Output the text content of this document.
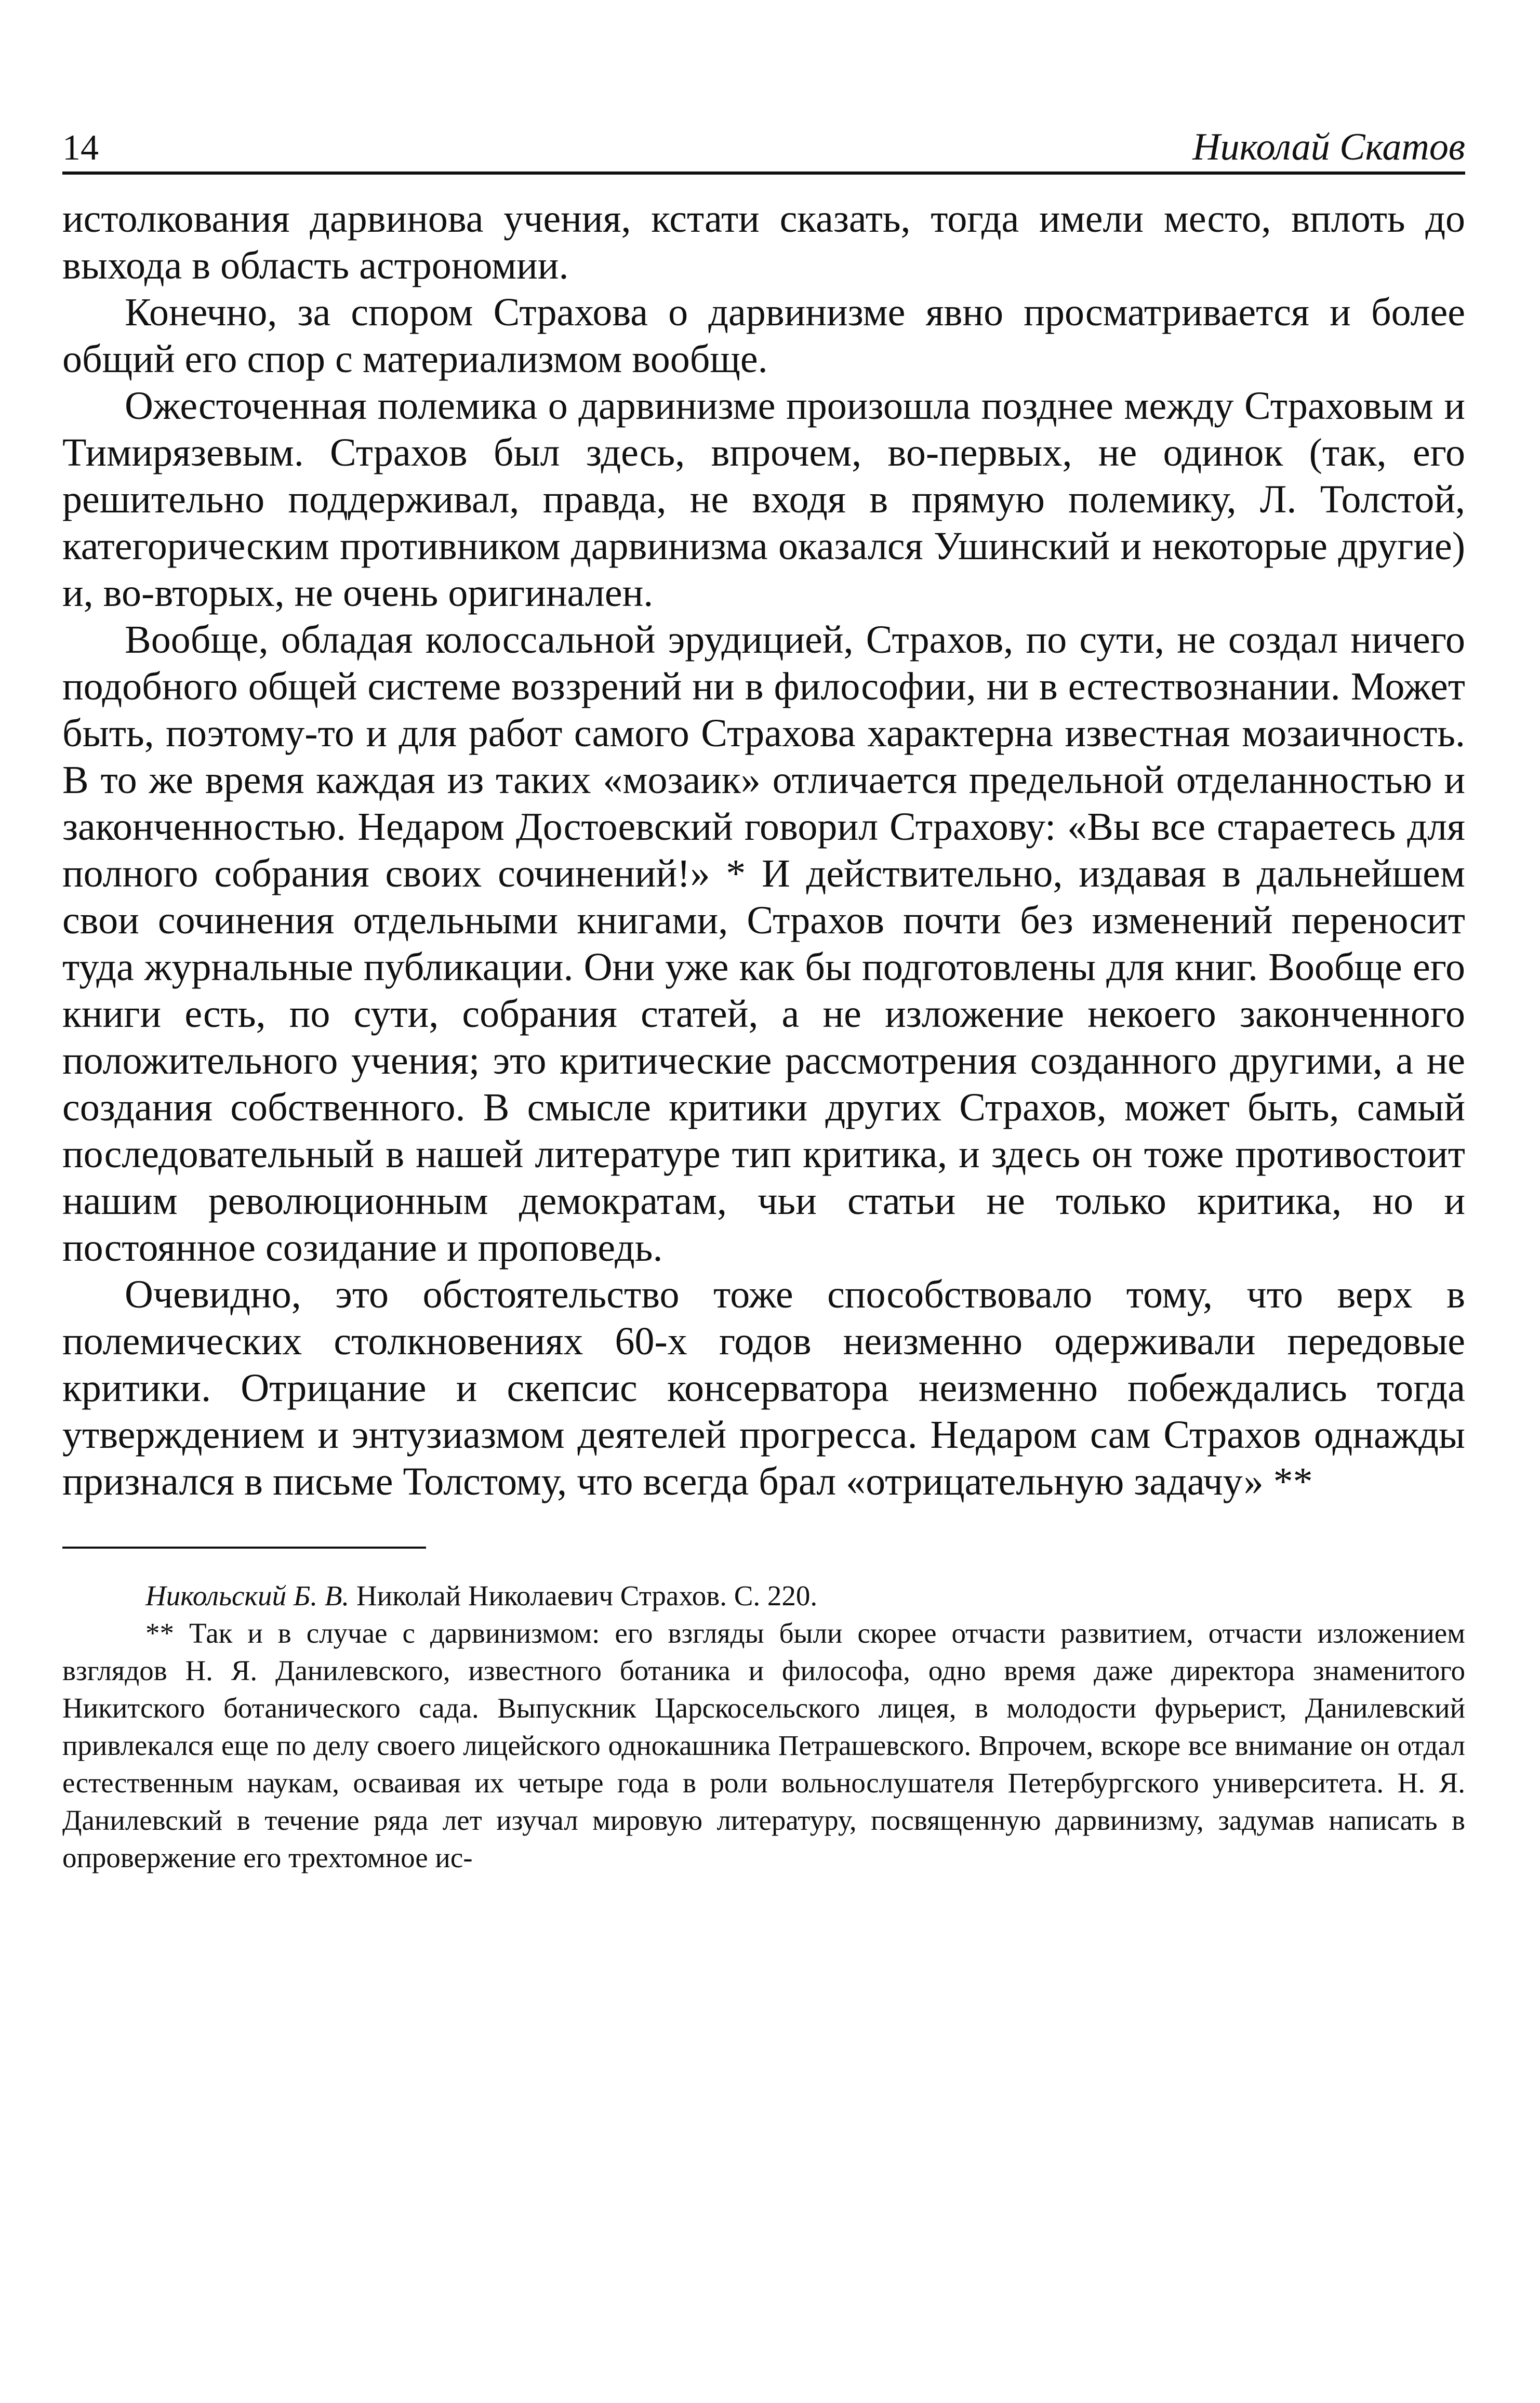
14	Николай Скатов

истолкования дарвинова учения, кстати сказать, тогда имели место, вплоть до выхода в область астрономии.

Конечно, за спором Страхова о дарвинизме явно просматривается и более общий его спор с материализмом вообще.

Ожесточенная полемика о дарвинизме произошла позднее между Страховым и Тимирязевым. Страхов был здесь, впрочем, во-первых, не одинок (так, его решительно поддерживал, правда, не входя в прямую полемику, Л. Толстой, категорическим противником дарвинизма оказался Ушинский и некоторые другие) и, во-вторых, не очень оригинален.

Вообще, обладая колоссальной эрудицией, Страхов, по сути, не создал ничего подобного общей системе воззрений ни в философии, ни в естествознании. Может быть, поэтому-то и для работ самого Страхова характерна известная мозаичность. В то же время каждая из таких «мозаик» отличается предельной отделанностью и законченностью. Недаром Достоевский говорил Страхову: «Вы все стараетесь для полного собрания своих сочинений!» * И действительно, издавая в дальнейшем свои сочинения отдельными книгами, Страхов почти без изменений переносит туда журнальные публикации. Они уже как бы подготовлены для книг. Вообще его книги есть, по сути, собрания статей, а не изложение некоего законченного положительного учения; это критические рассмотрения созданного другими, а не создания собственного. В смысле критики других Страхов, может быть, самый последовательный в нашей литературе тип критика, и здесь он тоже противостоит нашим революционным демократам, чьи статьи не только критика, но и постоянное созидание и проповедь.

Очевидно, это обстоятельство тоже способствовало тому, что верх в полемических столкновениях 60-х годов неизменно одерживали передовые критики. Отрицание и скепсис консерватора неизменно побеждались тогда утверждением и энтузиазмом деятелей прогресса. Недаром сам Страхов однажды признался в письме Толстому, что всегда брал «отрицательную задачу» **

Никольский Б. В. Николай Николаевич Страхов. С. 220.

** Так и в случае с дарвинизмом: его взгляды были скорее отчасти развитием, отчасти изложением взглядов Н. Я. Данилевского, известного ботаника и философа, одно время даже директора знаменитого Никитского ботанического сада. Выпускник Царскосельского лицея, в молодости фурьерист, Данилевский привлекался еще по делу своего лицейского однокашника Петрашевского. Впрочем, вскоре все внимание он отдал естественным наукам, осваивая их четыре года в роли вольнослушателя Петербургского университета. Н. Я. Данилевский в течение ряда лет изучал мировую литературу, посвященную дарвинизму, задумав написать в опровержение его трехтомное ис-
